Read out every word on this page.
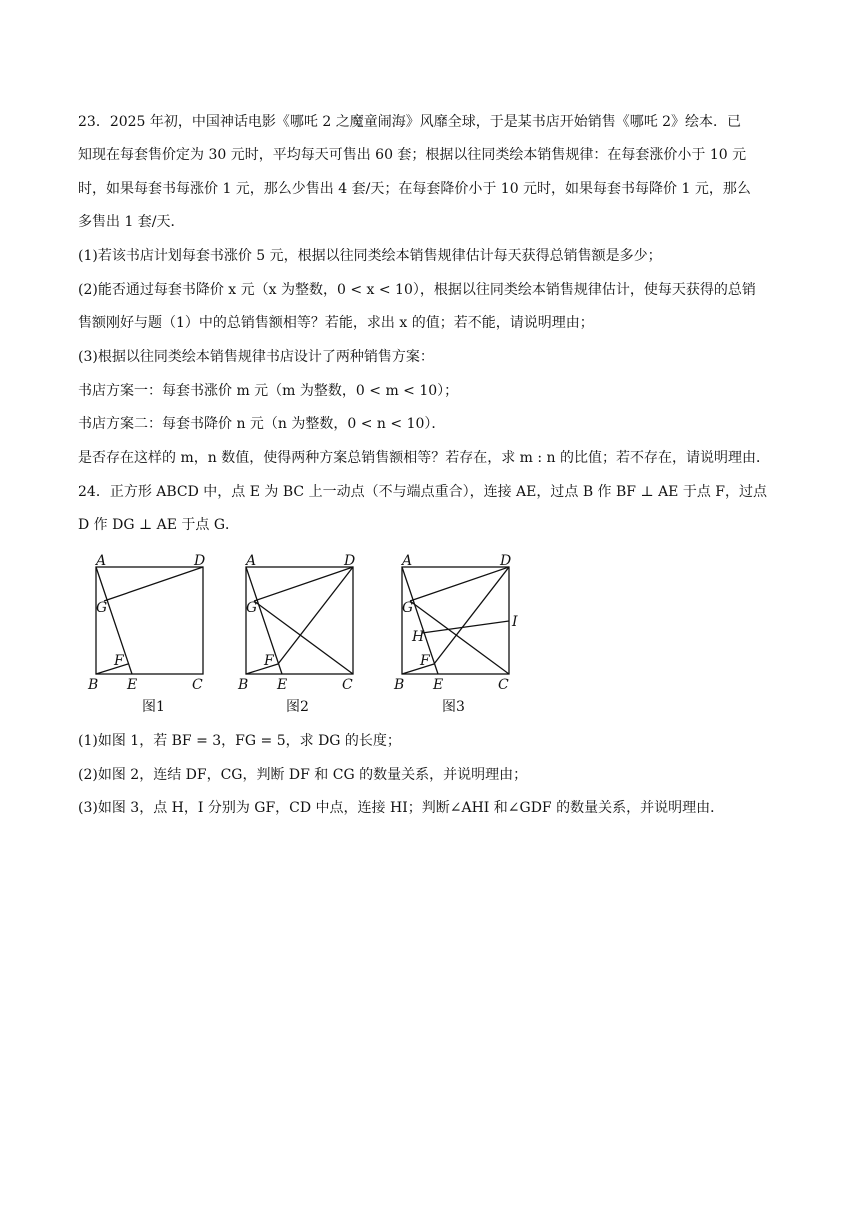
23．2025 年初，中国神话电影《哪吒 2 之魔童闹海》风靡全球，于是某书店开始销售《哪吒 2》绘本．已
知现在每套售价定为 30 元时，平均每天可售出 60 套；根据以往同类绘本销售规律：在每套涨价小于 10 元
时，如果每套书每涨价 1 元，那么少售出 4 套/天；在每套降价小于 10 元时，如果每套书每降价 1 元，那么
多售出 1 套/天．
(1)若该书店计划每套书涨价 5 元，根据以往同类绘本销售规律估计每天获得总销售额是多少；
(2)能否通过每套书降价 x 元（x 为整数，0 < x < 10），根据以往同类绘本销售规律估计，使每天获得的总销
售额刚好与题（1）中的总销售额相等？若能，求出 x 的值；若不能，请说明理由；
(3)根据以往同类绘本销售规律书店设计了两种销售方案：
书店方案一：每套书涨价 m 元（m 为整数，0 < m < 10）；
书店方案二：每套书降价 n 元（n 为整数，0 < n < 10）．
是否存在这样的 m，n 数值，使得两种方案总销售额相等？若存在，求 m : n 的比值；若不存在，请说明理由．
24．正方形 ABCD 中，点 E 为 BC 上一动点（不与端点重合），连接 AE，过点 B 作 BF ⊥ AE 于点 F，过点
D 作 DG ⊥ AE 于点 G．
A	D
G
F
B E	C
图1
A	D
G
F
B E	C
图2
A	D
G
I
H
F
B E	C
图3
(1)如图 1，若 BF = 3，FG = 5，求 DG 的长度；
(2)如图 2，连结 DF，CG，判断 DF 和 CG 的数量关系，并说明理由；
(3)如图 3，点 H，I 分别为 GF，CD 中点，连接 HI；判断∠AHI 和∠GDF 的数量关系，并说明理由．
